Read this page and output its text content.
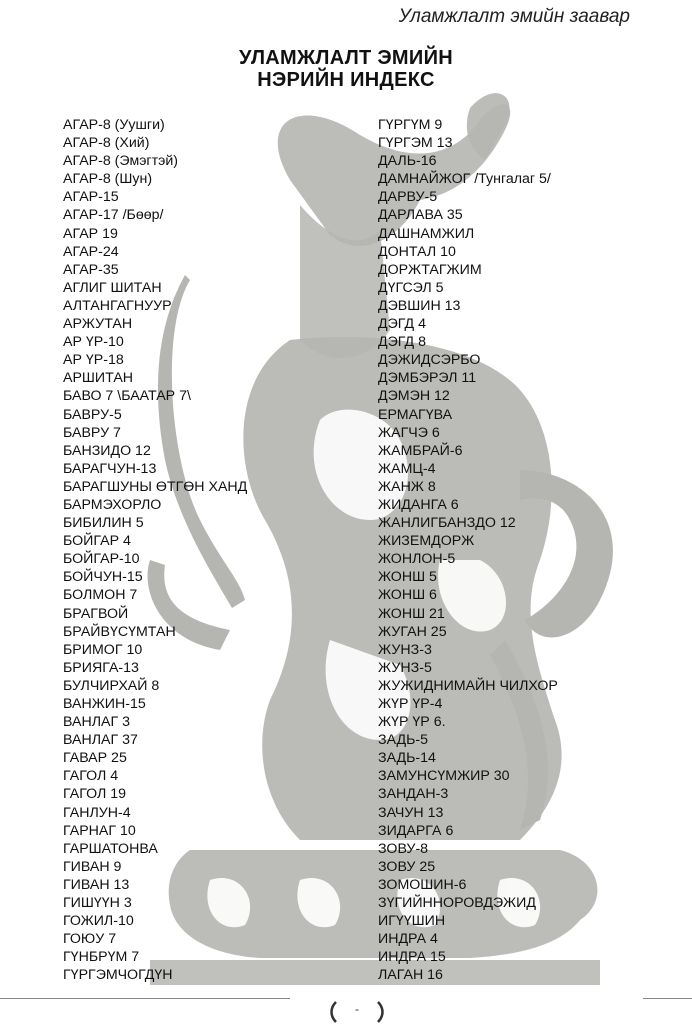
Уламжлалт эмийн заавар
УЛАМЖЛАЛТ ЭМИЙН
НЭРИЙН ИНДЕКС
АГАР-8 (Уушги)
АГАР-8 (Хий)
АГАР-8 (Эмэгтэй)
АГАР-8 (Шун)
АГАР-15
АГАР-17 /Бөөр/
АГАР 19
АГАР-24
АГАР-35
АГЛИГ ШИТАН
АЛТАНГАГНУУР
АРЖУТАН
АР ҮР-10
АР ҮР-18
АРШИТАН
БАВО 7 \БААТАР 7\
БАВРУ-5
БАВРУ 7
БАНЗИДО 12
БАРАГЧУН-13
БАРАГШУНЫ ӨТГӨН ХАНД
БАРМЭХОРЛО
БИБИЛИН 5
БОЙГАР 4
БОЙГАР-10
БОЙЧУН-15
БОЛМОН 7
БРАГВОЙ
БРАЙВҮСҮМТАН
БРИМОГ 10
БРИЯГА-13
БУЛЧИРХАЙ 8
ВАНЖИН-15
ВАНЛАГ 3
ВАНЛАГ 37
ГАВАР 25
ГАГОЛ 4
ГАГОЛ 19
ГАНЛУН-4
ГАРНАГ 10
ГАРШАТОНВА
ГИВАН 9
ГИВАН 13
ГИШҮҮН 3
ГОЖИЛ-10
ГОЮУ 7
ГҮНБРҮМ 7
ГҮРГЭМЧОГДҮН
ГҮРГҮМ 9
ГҮРГЭМ 13
ДАЛЬ-16
ДАМНАЙЖОГ /Тунгалаг 5/
ДАРВУ-5
ДАРЛАВА 35
ДАШНАМЖИЛ
ДОНТАЛ 10
ДОРЖТАГЖИМ
ДҮГСЭЛ 5
ДЭВШИН 13
ДЭГД 4
ДЭГД 8
ДЭЖИДСЭРБО
ДЭМБЭРЭЛ 11
ДЭМЭН 12
ЕРМАГҮВА
ЖАГЧЭ 6
ЖАМБРАЙ-6
ЖАМЦ-4
ЖАНЖ 8
ЖИДАНГА 6
ЖАНЛИГБАНЗДО 12
ЖИЗЕМДОРЖ
ЖОНЛОН-5
ЖОНШ 5
ЖОНШ 6
ЖОНШ 21
ЖУГАН 25
ЖУНЗ-3
ЖУНЗ-5
ЖУЖИДНИМАЙН ЧИЛХОР
ЖҮР ҮР-4
ЖҮР ҮР 6.
ЗАДЬ-5
ЗАДЬ-14
ЗАМУНСҮМЖИР 30
ЗАНДАН-3
ЗАЧУН 13
ЗИДАРГА 6
ЗОВУ-8
ЗОВУ 25
ЗОМОШИН-6
ЗҮГИЙННОРОВДЭЖИД
ИГҮҮШИН
ИНДРА 4
ИНДРА 15
ЛАГАН 16
-
